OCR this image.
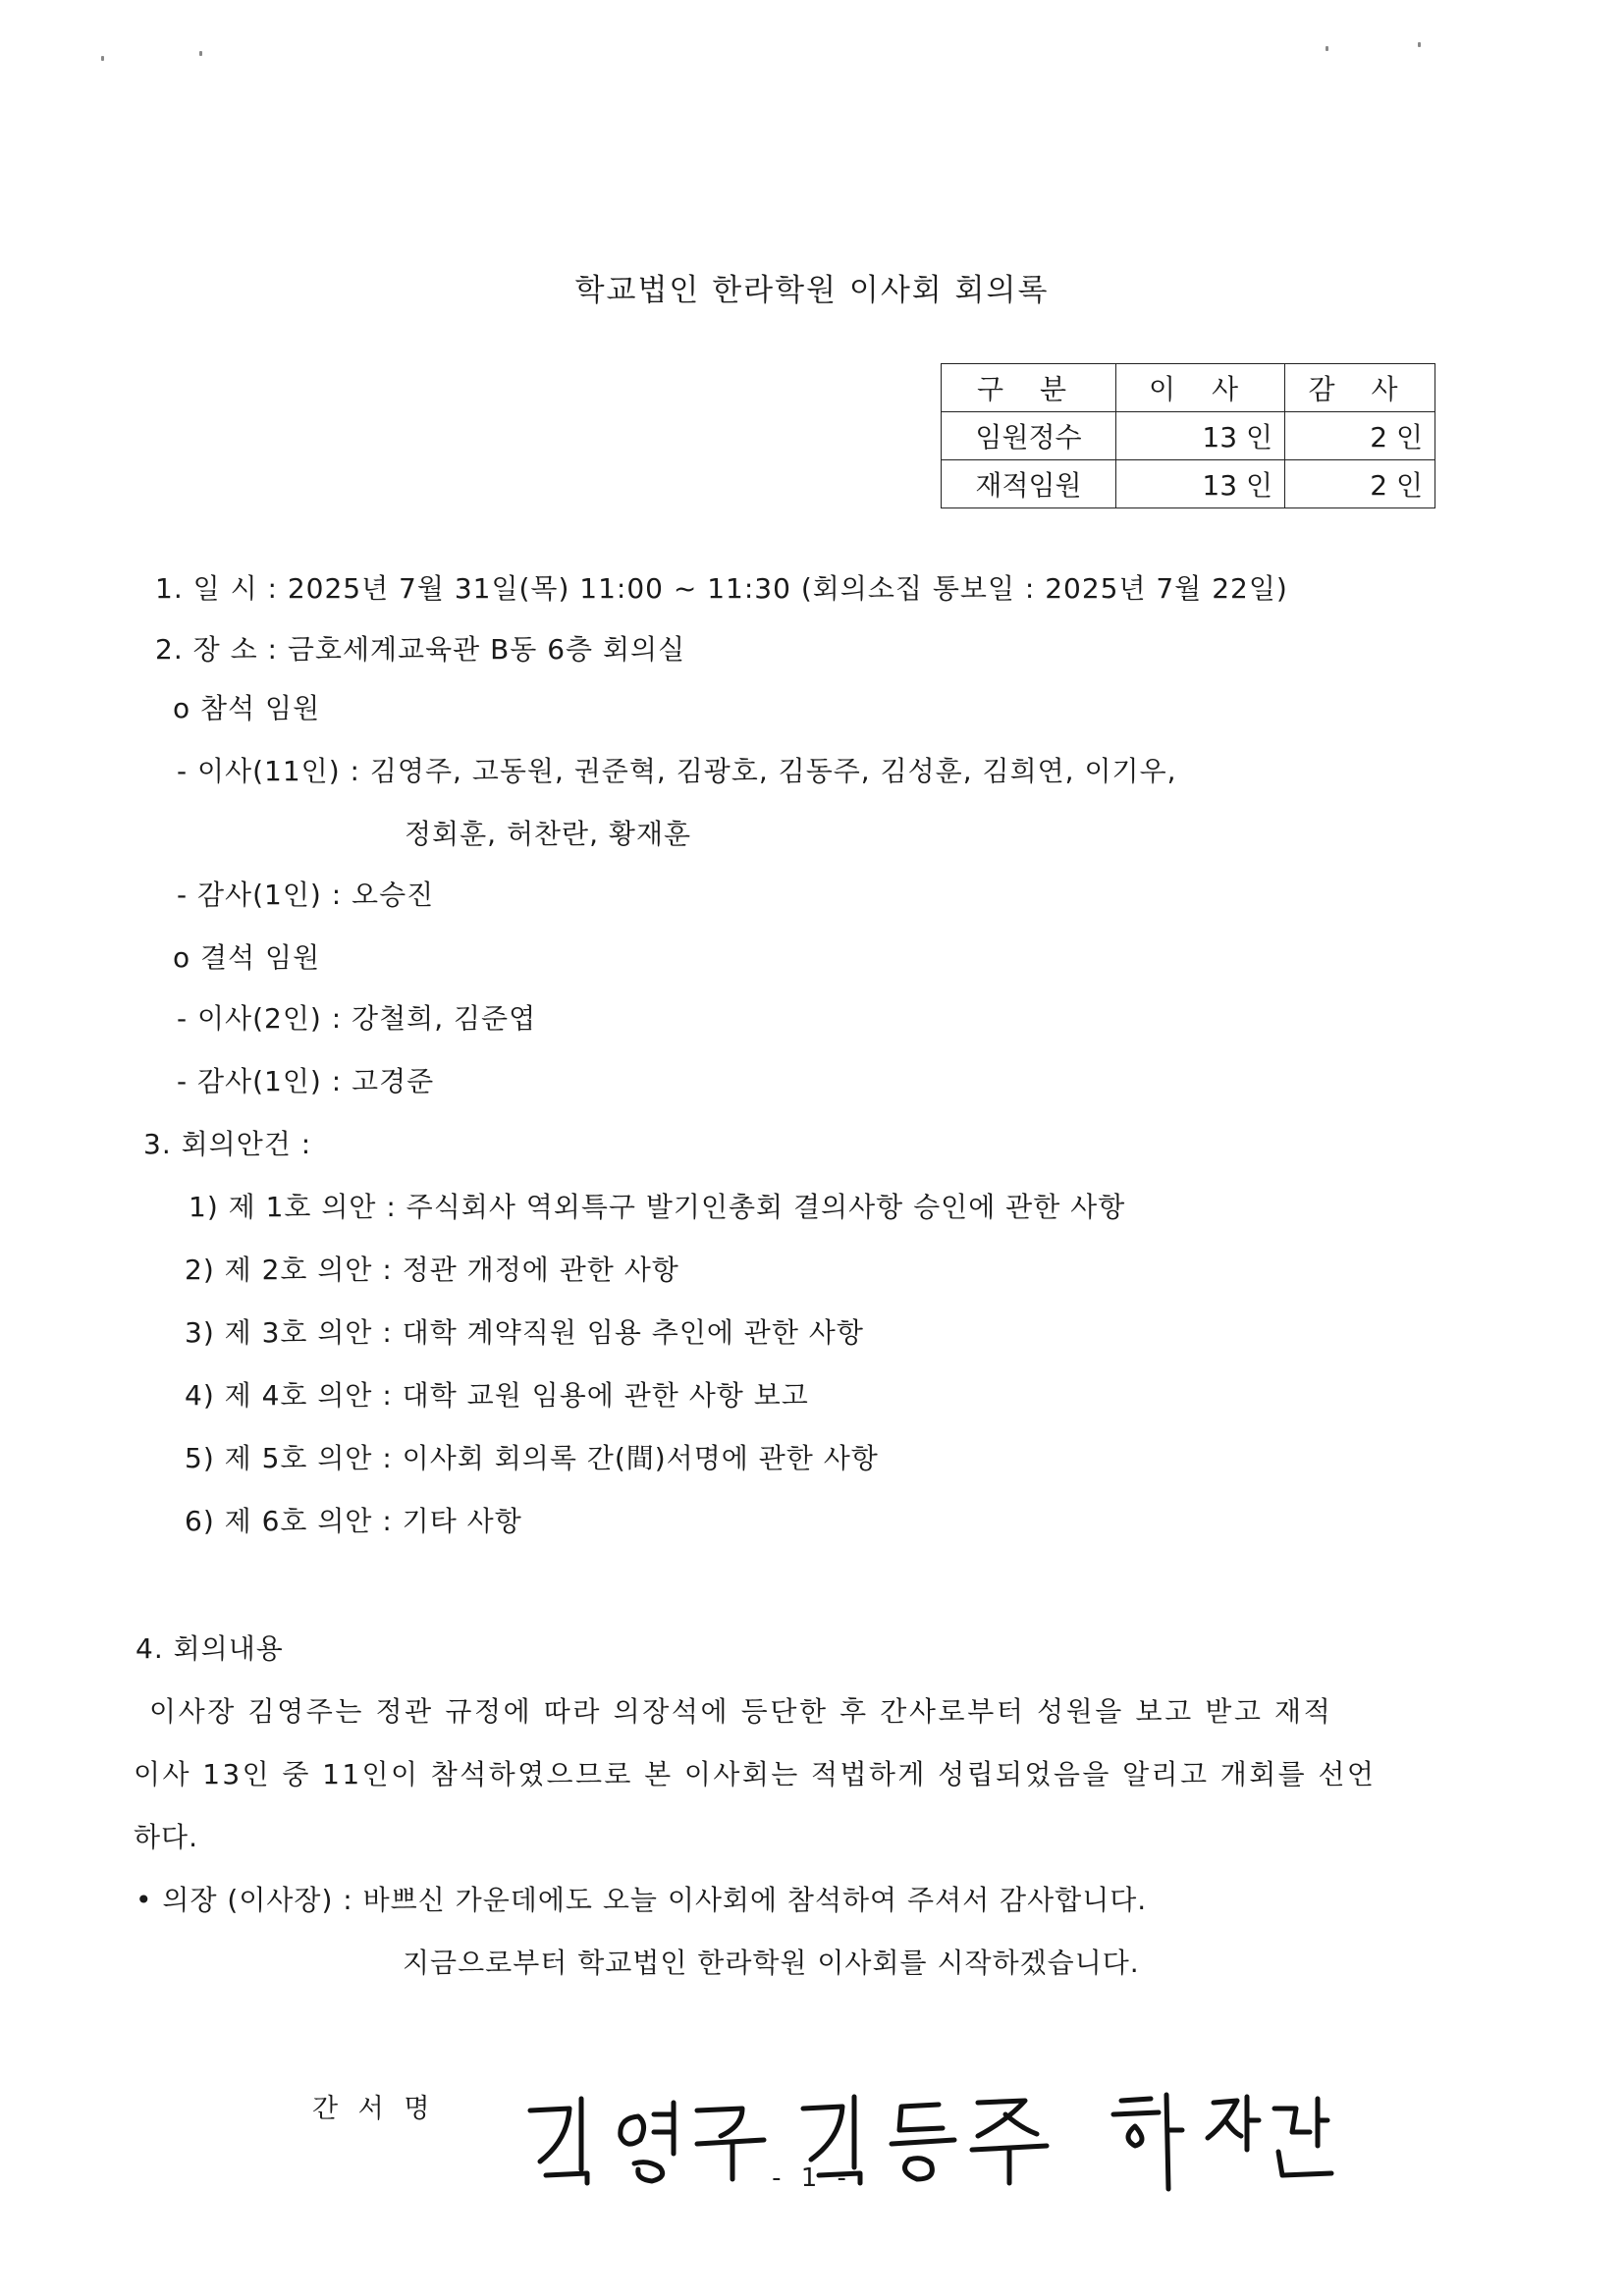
학교법인 한라학원 이사회 회의록
구 분	이 사	감 사
임원정수	13 인	2 인
재적임원	13 인	2 인
1. 일 시 : 2025년 7월 31일(목) 11:00 ~ 11:30 (회의소집 통보일 : 2025년 7월 22일)
2. 장 소 : 금호세계교육관 B동 6층 회의실
o 참석 임원
- 이사(11인) : 김영주, 고동원, 권준혁, 김광호, 김동주, 김성훈, 김희연, 이기우,
정회훈, 허찬란, 황재훈
- 감사(1인) : 오승진
o 결석 임원
- 이사(2인) : 강철희, 김준엽
- 감사(1인) : 고경준
3. 회의안건 :
1) 제 1호 의안 : 주식회사 역외특구 발기인총회 결의사항 승인에 관한 사항
2) 제 2호 의안 : 정관 개정에 관한 사항
3) 제 3호 의안 : 대학 계약직원 임용 추인에 관한 사항
4) 제 4호 의안 : 대학 교원 임용에 관한 사항 보고
5) 제 5호 의안 : 이사회 회의록 간(間)서명에 관한 사항
6) 제 6호 의안 : 기타 사항
4. 회의내용
이사장 김영주는 정관 규정에 따라 의장석에 등단한 후 간사로부터 성원을 보고 받고 재적
이사 13인 중 11인이 참석하였으므로 본 이사회는 적법하게 성립되었음을 알리고 개회를 선언
하다.
• 의장 (이사장) : 바쁘신 가운데에도 오늘 이사회에 참석하여 주셔서 감사합니다.
지금으로부터 학교법인 한라학원 이사회를 시작하겠습니다.
간 서 명
- 1 -
